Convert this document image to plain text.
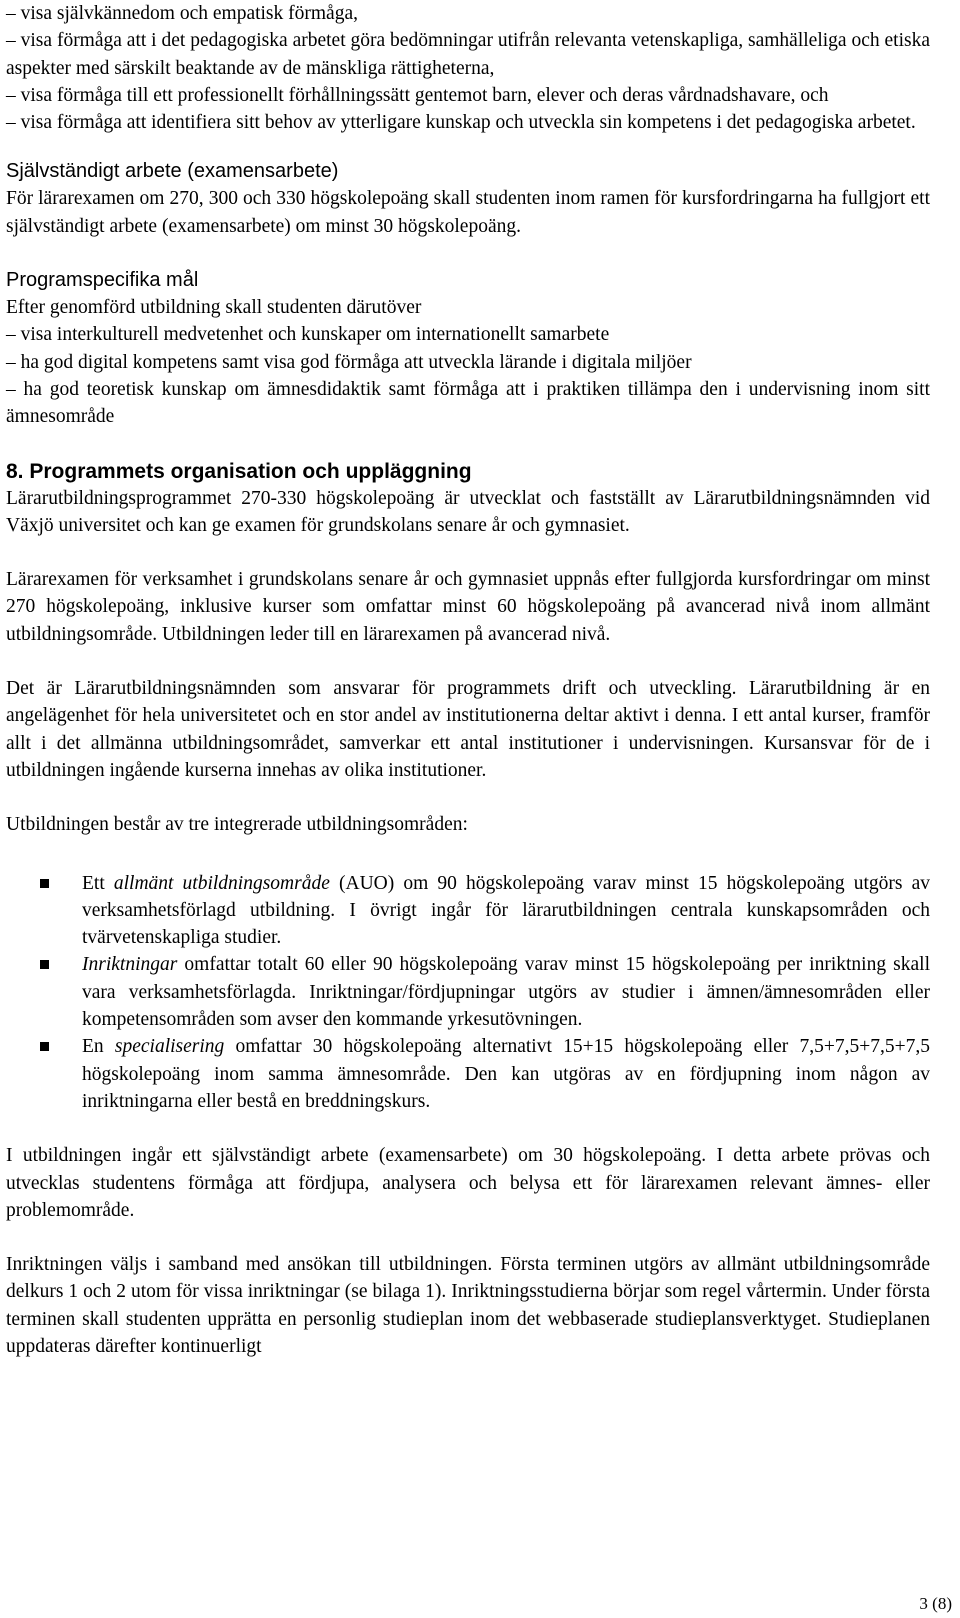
– visa självkännedom och empatisk förmåga,

– visa förmåga att i det pedagogiska arbetet göra bedömningar utifrån relevanta vetenskapliga, samhälleliga och etiska aspekter med särskilt beaktande av de mänskliga rättigheterna,

– visa förmåga till ett professionellt förhållningssätt gentemot barn, elever och deras vårdnadshavare, och

– visa förmåga att identifiera sitt behov av ytterligare kunskap och utveckla sin kompetens i det pedagogiska arbetet.

Självständigt arbete (examensarbete)

För lärarexamen om 270, 300 och 330 högskolepoäng skall studenten inom ramen för kursfordringarna ha fullgjort ett självständigt arbete (examensarbete) om minst 30 högskolepoäng.

Programspecifika mål

Efter genomförd utbildning skall studenten därutöver

– visa interkulturell medvetenhet och kunskaper om internationellt samarbete

– ha god digital kompetens samt visa god förmåga att utveckla lärande i digitala miljöer

– ha god teoretisk kunskap om ämnesdidaktik samt förmåga att i praktiken tillämpa den i undervisning inom sitt ämnesområde

8. Programmets organisation och uppläggning

Lärarutbildningsprogrammet 270-330 högskolepoäng är utvecklat och fastställt av Lärarutbildningsnämnden vid Växjö universitet och kan ge examen för grundskolans senare år och gymnasiet.

Lärarexamen för verksamhet i grundskolans senare år och gymnasiet uppnås efter fullgjorda kursfordringar om minst 270 högskolepoäng, inklusive kurser som omfattar minst 60 högskolepoäng på avancerad nivå inom allmänt utbildningsområde. Utbildningen leder till en lärarexamen på avancerad nivå.

Det är Lärarutbildningsnämnden som ansvarar för programmets drift och utveckling. Lärarutbildning är en angelägenhet för hela universitetet och en stor andel av institutionerna deltar aktivt i denna. I ett antal kurser, framför allt i det allmänna utbildningsområdet, samverkar ett antal institutioner i undervisningen. Kursansvar för de i utbildningen ingående kurserna innehas av olika institutioner.

Utbildningen består av tre integrerade utbildningsområden:

Ett allmänt utbildningsområde (AUO) om 90 högskolepoäng varav minst 15 högskolepoäng utgörs av verksamhetsförlagd utbildning. I övrigt ingår för lärarutbildningen centrala kunskapsområden och tvärvetenskapliga studier.
Inriktningar omfattar totalt 60 eller 90 högskolepoäng varav minst 15 högskolepoäng per inriktning skall vara verksamhetsförlagda. Inriktningar/fördjupningar utgörs av studier i ämnen/ämnesområden eller kompetensområden som avser den kommande yrkesutövningen.
En specialisering omfattar 30 högskolepoäng alternativt 15+15 högskolepoäng eller 7,5+7,5+7,5+7,5 högskolepoäng inom samma ämnesområde. Den kan utgöras av en fördjupning inom någon av inriktningarna eller bestå en breddningskurs.

I utbildningen ingår ett självständigt arbete (examensarbete) om 30 högskolepoäng. I detta arbete prövas och utvecklas studentens förmåga att fördjupa, analysera och belysa ett för lärarexamen relevant ämnes- eller problemområde.

Inriktningen väljs i samband med ansökan till utbildningen. Första terminen utgörs av allmänt utbildningsområde delkurs 1 och 2 utom för vissa inriktningar (se bilaga 1). Inriktningsstudierna börjar som regel vårtermin. Under första terminen skall studenten upprätta en personlig studieplan inom det webbaserade studieplansverktyget. Studieplanen uppdateras därefter kontinuerligt

3 (8)
